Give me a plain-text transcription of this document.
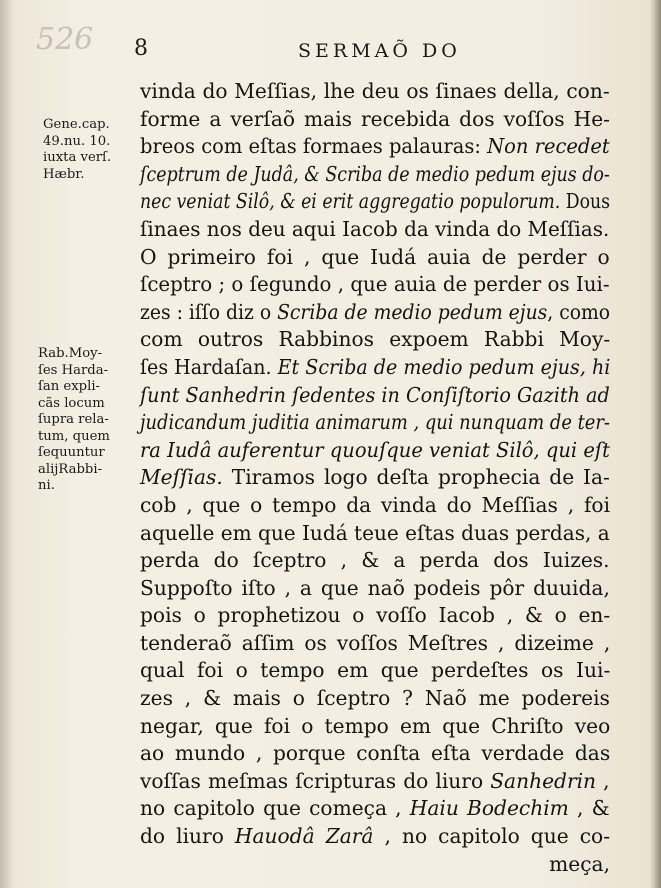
526 8	SERMAÕ DO
Gene.cap.
49.nu. 10.
iuxta verſ.
Hæbr.
Rab.Moy-
ſes Harda-
ſan expli-
cãs locum
ſupra rela-
tum, quem
ſequuntur
alijRabbi-
ni.
vinda do Meſſias, lhe deu os ſinaes della, con-
forme a verſaõ mais recebida dos voſſos He-
breos com eſtas formaes palauras: Non recedet
ſceptrum de Judâ, & Scriba de medio pedum ejus do-
nec veniat Silô, & ei erit aggregatio populorum. Dous
ſinaes nos deu aqui Iacob da vinda do Meſſias.
O primeiro foi , que Iudá auia de perder o
ſceptro ; o ſegundo , que auia de perder os Iui-
zes : iſſo diz o Scriba de medio pedum ejus, como
com outros Rabbinos expoem Rabbi Moy-
ſes Hardaſan. Et Scriba de medio pedum ejus, hi
ſunt Sanhedrin ſedentes in Conſiſtorio Gazith ad
judicandum juditia animarum , qui nunquam de ter-
ra Iudâ auferentur quouſque veniat Silô, qui eſt
Meſſias. Tiramos logo deſta prophecia de Ia-
cob , que o tempo da vinda do Meſſias , foi
aquelle em que Iudá teue eſtas duas perdas, a
perda do ſceptro , & a perda dos Iuizes.
Suppoſto iſto , a que naõ podeis pôr duuida,
pois o prophetizou o voſſo Iacob , & o en-
tenderaõ aſſim os voſſos Meſtres , dizeime ,
qual foi o tempo em que perdeſtes os Iui-
zes , & mais o ſceptro ? Naõ me podereis
negar, que foi o tempo em que Chriſto veo
ao mundo , porque conſta eſta verdade das
voſſas meſmas ſcripturas do liuro Sanhedrin ,
no capitolo que começa , Haiu Bodechim , &
do liuro Hauodâ Zarâ , no capitolo que co-
meça,
